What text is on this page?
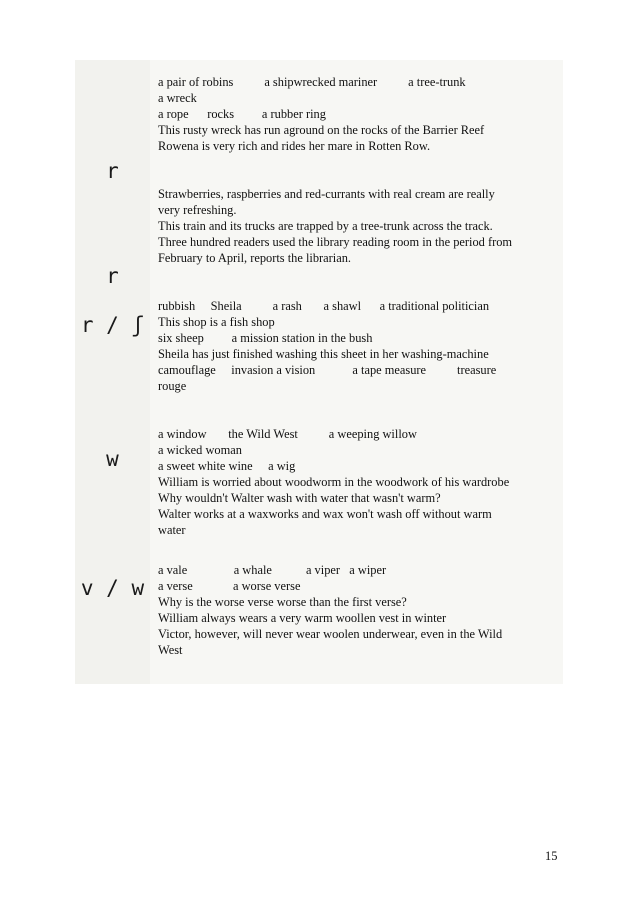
r
a pair of robins          a shipwrecked mariner          a tree-trunk
a wreck
a rope      rocks         a rubber ring
This rusty wreck has run aground on the rocks of the Barrier Reef
Rowena is very rich and rides her mare in Rotten Row.
r
Strawberries, raspberries and red-currants with real cream are really
very refreshing.
This train and its trucks are trapped by a tree-trunk across the track.
Three hundred readers used the library reading room in the period from
February to April, reports the librarian.
r / ʃ
rubbish     Sheila          a rash       a shawl      a traditional politician
This shop is a fish shop
six sheep         a mission station in the bush
Sheila has just finished washing this sheet in her washing-machine
camouflage     invasion a vision            a tape measure          treasure
rouge
w
a window       the Wild West          a weeping willow
a wicked woman
a sweet white wine     a wig
William is worried about woodworm in the woodwork of his wardrobe
Why wouldn't Walter wash with water that wasn't warm?
Walter works at a waxworks and wax won't wash off without warm
water
v / w
a vale               a whale           a viper   a wiper
a verse             a worse verse
Why is the worse verse worse than the first verse?
William always wears a very warm woollen vest in winter
Victor, however, will never wear woolen underwear, even in the Wild
West
15
